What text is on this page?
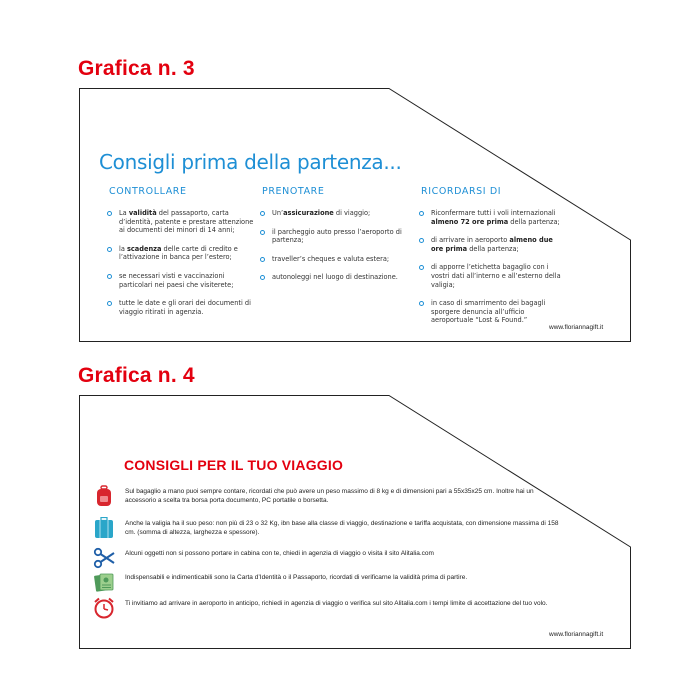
Grafica n. 3
Consigli prima della partenza...
CONTROLLARE
La validità del passaporto, carta d’identità, patente e prestare attenzione ai documenti dei minori di 14 anni;
la scadenza delle carte di credito e l’attivazione in banca per l’estero;
se necessari visti e vaccinazioni particolari nei paesi che visiterete;
tutte le date e gli orari dei documenti di viaggio ritirati in agenzia.
PRENOTARE
Un’assicurazione di viaggio;
il parcheggio auto presso l’aeroporto di partenza;
traveller’s cheques e valuta estera;
autonoleggi nel luogo di destinazione.
RICORDARSI DI
Riconfermare tutti i voli internazionali almeno 72 ore prima della partenza;
di arrivare in aeroporto almeno due ore prima della partenza;
di apporre l’etichetta bagaglio con i vostri dati all’interno e all’esterno della valigia;
in caso di smarrimento dei bagagli sporgere denuncia all’ufficio aeroportuale “Lost & Found.”
www.floriannagift.it
Grafica n. 4
CONSIGLI PER IL TUO VIAGGIO
Sul bagaglio a mano puoi sempre contare, ricordati che può avere un peso massimo di 8 kg e di dimensioni pari a 55x35x25 cm. Inoltre hai un accessorio a scelta tra borsa porta documento, PC portatile o borsetta.
Anche la valigia ha il suo peso: non più di 23 o 32 Kg, ibn base alla classe di viaggio, destinazione e tariffa acquistata, con dimensione massima di 158 cm. (somma di altezza, larghezza e spessore).
Alcuni oggetti non si possono portare in cabina con te, chiedi in agenzia di viaggio o visita il sito Alitalia.com
Indispensabili e indimenticabili sono la Carta d’Identità o il Passaporto, ricordati di verificarne la validità prima di partire.
Ti invitiamo ad arrivare in aeroporto in anticipo, richiedi in agenzia di viaggio o verifica sul sito Alitalia.com i tempi limite di accettazione del tuo volo.
www.floriannagift.it
